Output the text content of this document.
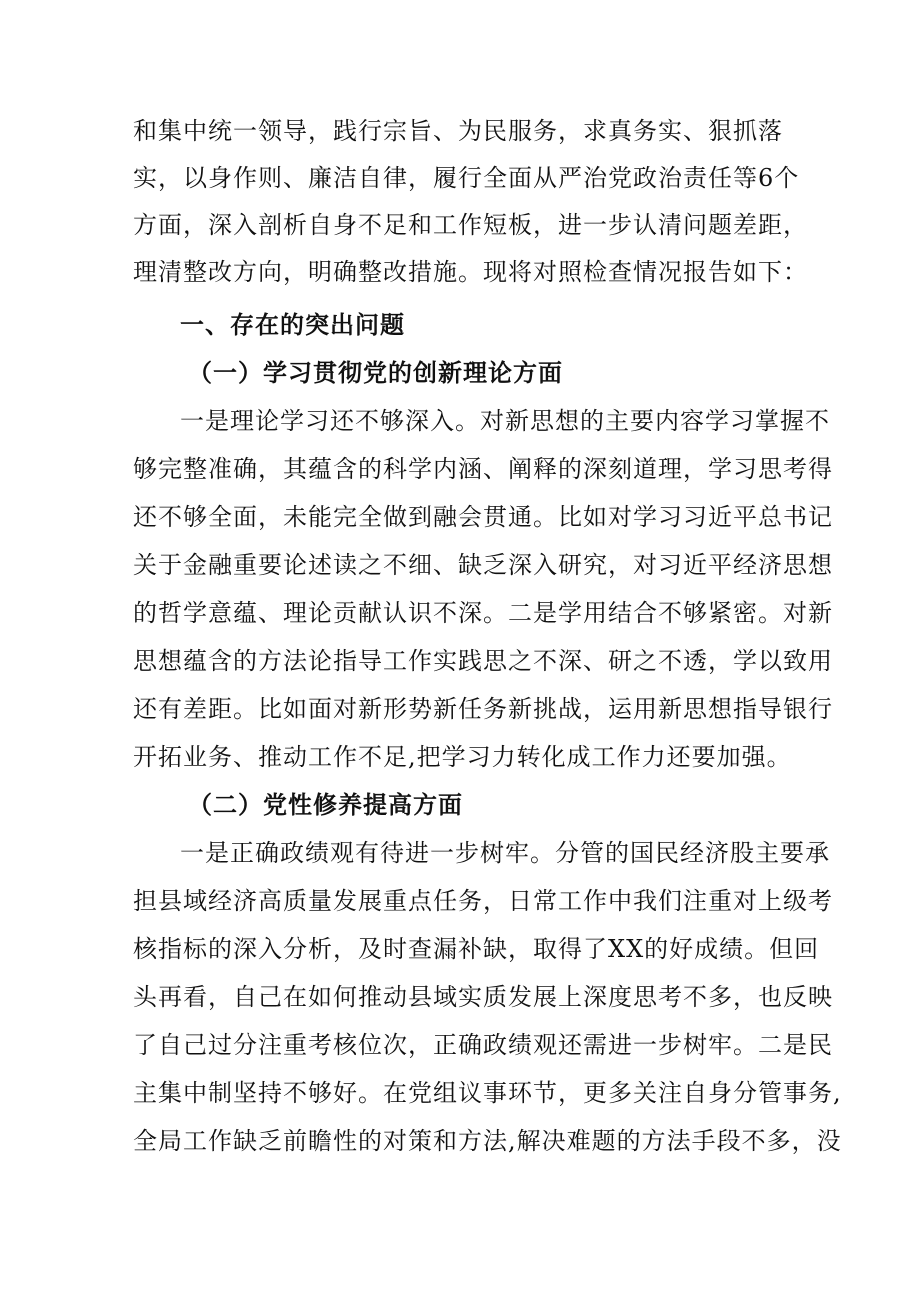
和集中统一领导，践行宗旨、为民服务，求真务实、狠抓落
实，以身作则、廉洁自律，履行全面从严治党政治责任等6个
方面，深入剖析自身不足和工作短板，进一步认清问题差距，
理清整改方向，明确整改措施。现将对照检查情况报告如下：
一、存在的突出问题
（一）学习贯彻党的创新理论方面
一是理论学习还不够深入。对新思想的主要内容学习掌握不
够完整准确，其蕴含的科学内涵、阐释的深刻道理，学习思考得
还不够全面，未能完全做到融会贯通。比如对学习习近平总书记
关于金融重要论述读之不细、缺乏深入研究，对习近平经济思想
的哲学意蕴、理论贡献认识不深。二是学用结合不够紧密。对新
思想蕴含的方法论指导工作实践思之不深、研之不透，学以致用
还有差距。比如面对新形势新任务新挑战，运用新思想指导银行
开拓业务、推动工作不足,把学习力转化成工作力还要加强。
（二）党性修养提高方面
一是正确政绩观有待进一步树牢。分管的国民经济股主要承
担县域经济高质量发展重点任务，日常工作中我们注重对上级考
核指标的深入分析，及时查漏补缺，取得了XX的好成绩。但回
头再看，自己在如何推动县域实质发展上深度思考不多，也反映
了自己过分注重考核位次，正确政绩观还需进一步树牢。二是民
主集中制坚持不够好。在党组议事环节，更多关注自身分管事务,
全局工作缺乏前瞻性的对策和方法,解决难题的方法手段不多，没
